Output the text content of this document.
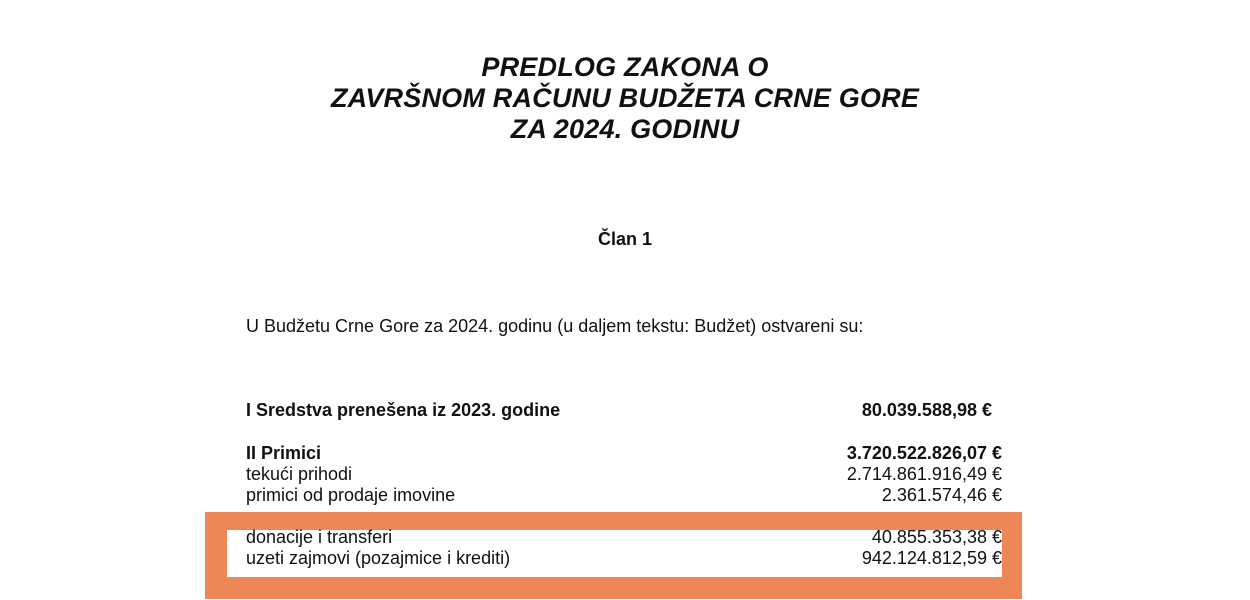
PREDLOG ZAKONA O
ZAVRŠNOM RAČUNU BUDŽETA CRNE GORE
ZA 2024. GODINU
Član 1
U Budžetu Crne Gore za 2024. godinu (u daljem tekstu: Budžet) ostvareni su:
I Sredstva prenešena iz 2023. godine	80.039.588,98 €
II Primici	3.720.522.826,07 €
tekući prihodi	2.714.861.916,49 €
primici od prodaje imovine	2.361.574,46 €
donacije i transferi	40.855.353,38 €
uzeti zajmovi (pozajmice i krediti)	942.124.812,59 €
